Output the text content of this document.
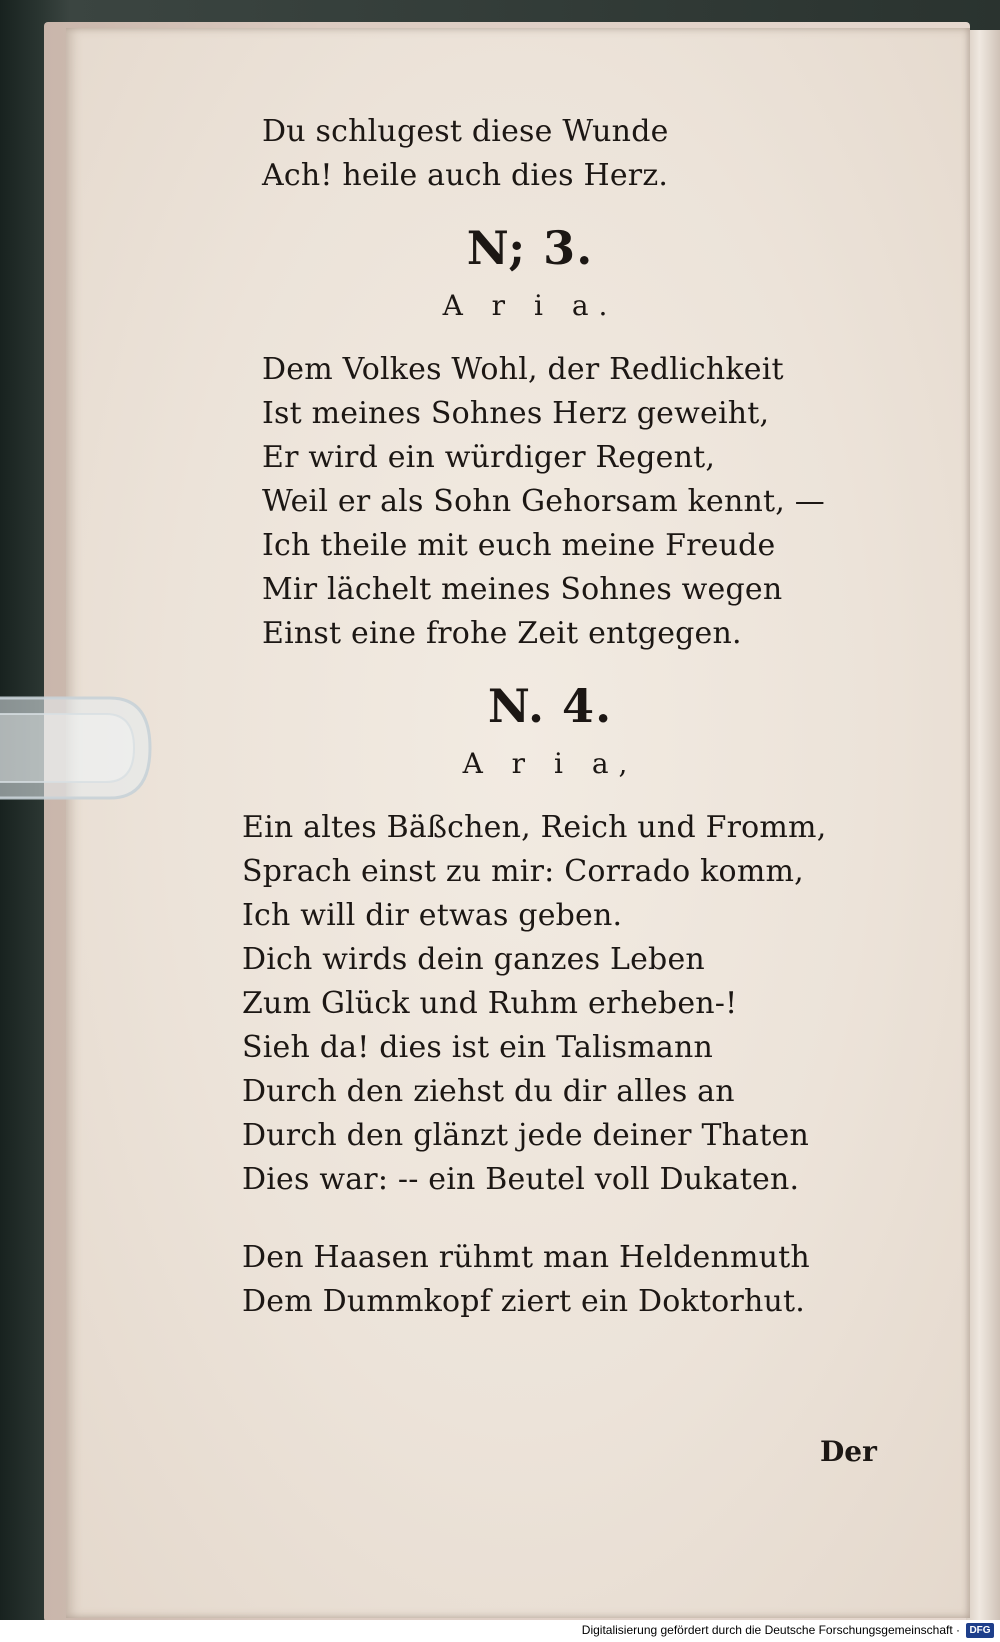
Du schlugest diese Wunde
Ach! heile auch dies Herz.
N; 3.
A r i a.
Dem Volkes Wohl, der Redlichkeit
Ist meines Sohnes Herz geweiht,
Er wird ein würdiger Regent,
Weil er als Sohn Gehorsam kennt, —
Ich theile mit euch meine Freude
Mir lächelt meines Sohnes wegen
Einst eine frohe Zeit entgegen.
N. 4.
A r i a,
Ein altes Bäßchen, Reich und Fromm,
Sprach einst zu mir: Corrado komm,
Ich will dir etwas geben.
Dich wirds dein ganzes Leben
Zum Glück und Ruhm erheben-!
Sieh da! dies ist ein Talismann
Durch den ziehst du dir alles an
Durch den glänzt jede deiner Thaten
Dies war: -- ein Beutel voll Dukaten.
Den Haasen rühmt man Heldenmuth
Dem Dummkopf ziert ein Doktorhut.
Der
Digitalisierung gefördert durch die Deutsche Forschungsgemeinschaft · DFG
